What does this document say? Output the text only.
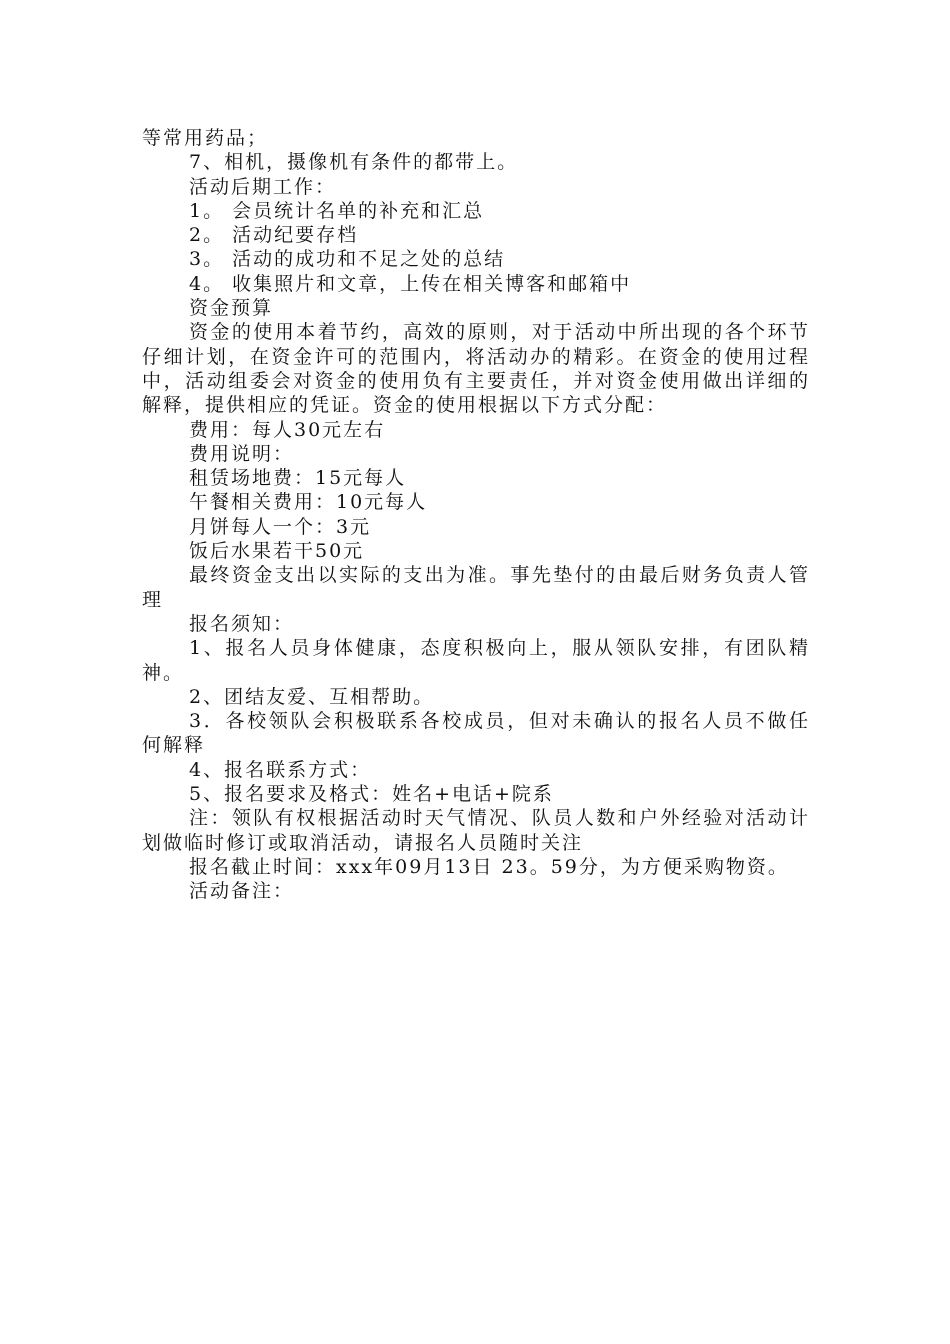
等常用药品；

7、相机，摄像机有条件的都带上。

活动后期工作：

1。 会员统计名单的补充和汇总

2。 活动纪要存档

3。 活动的成功和不足之处的总结

4。 收集照片和文章，上传在相关博客和邮箱中

资金预算

资金的使用本着节约，高效的原则，对于活动中所出现的各个环节仔细计划，在资金许可的范围内，将活动办的精彩。在资金的使用过程中，活动组委会对资金的使用负有主要责任，并对资金使用做出详细的解释，提供相应的凭证。资金的使用根据以下方式分配：

费用：每人30元左右

费用说明：

租赁场地费：15元每人

午餐相关费用：10元每人

月饼每人一个：3元

饭后水果若干50元

最终资金支出以实际的支出为准。事先垫付的由最后财务负责人管理

报名须知：

1、报名人员身体健康，态度积极向上，服从领队安排，有团队精神。

2、团结友爱、互相帮助。

3．各校领队会积极联系各校成员，但对未确认的报名人员不做任何解释

4、报名联系方式：

5、报名要求及格式：姓名+电话+院系

注：领队有权根据活动时天气情况、队员人数和户外经验对活动计划做临时修订或取消活动，请报名人员随时关注

报名截止时间：xxx年09月13日 23。59分，为方便采购物资。

活动备注：
